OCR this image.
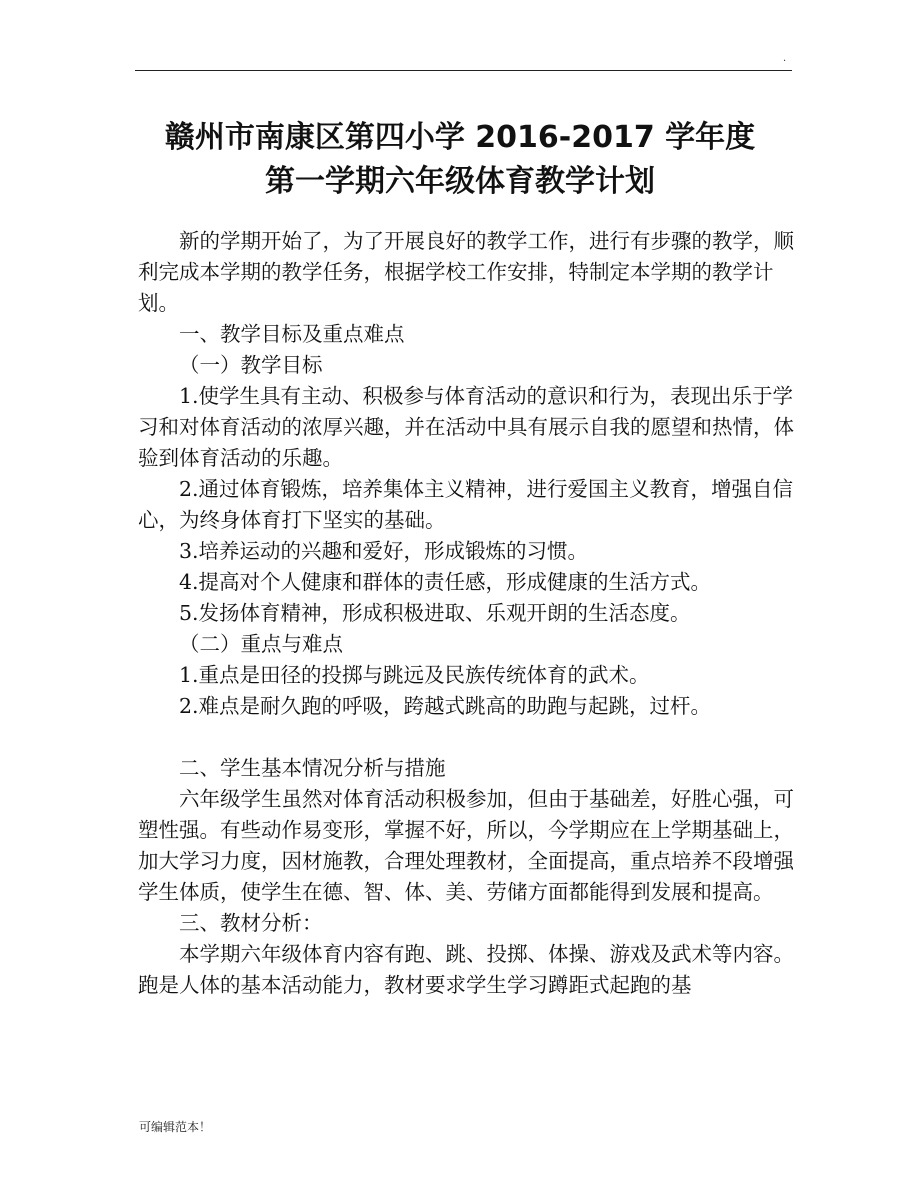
·
赣州市南康区第四小学 2016-2017 学年度
第一学期六年级体育教学计划

新的学期开始了，为了开展良好的教学工作，进行有步骤的教学，顺利完成本学期的教学任务，根据学校工作安排，特制定本学期的教学计划。

一、教学目标及重点难点

（一）教学目标

1.使学生具有主动、积极参与体育活动的意识和行为，表现出乐于学习和对体育活动的浓厚兴趣，并在活动中具有展示自我的愿望和热情，体验到体育活动的乐趣。

2.通过体育锻炼，培养集体主义精神，进行爱国主义教育，增强自信心，为终身体育打下坚实的基础。

3.培养运动的兴趣和爱好，形成锻炼的习惯。

4.提高对个人健康和群体的责任感，形成健康的生活方式。

5.发扬体育精神，形成积极进取、乐观开朗的生活态度。

（二）重点与难点

1.重点是田径的投掷与跳远及民族传统体育的武术。

2.难点是耐久跑的呼吸，跨越式跳高的助跑与起跳，过杆。

二、学生基本情况分析与措施

六年级学生虽然对体育活动积极参加，但由于基础差，好胜心强，可塑性强。有些动作易变形，掌握不好，所以，今学期应在上学期基础上，加大学习力度，因材施教，合理处理教材，全面提高，重点培养不段增强学生体质，使学生在德、智、体、美、劳储方面都能得到发展和提高。

三、教材分析：

本学期六年级体育内容有跑、跳、投掷、体操、游戏及武术等内容。

跑是人体的基本活动能力，教材要求学生学习蹲距式起跑的基

可编辑范本！
